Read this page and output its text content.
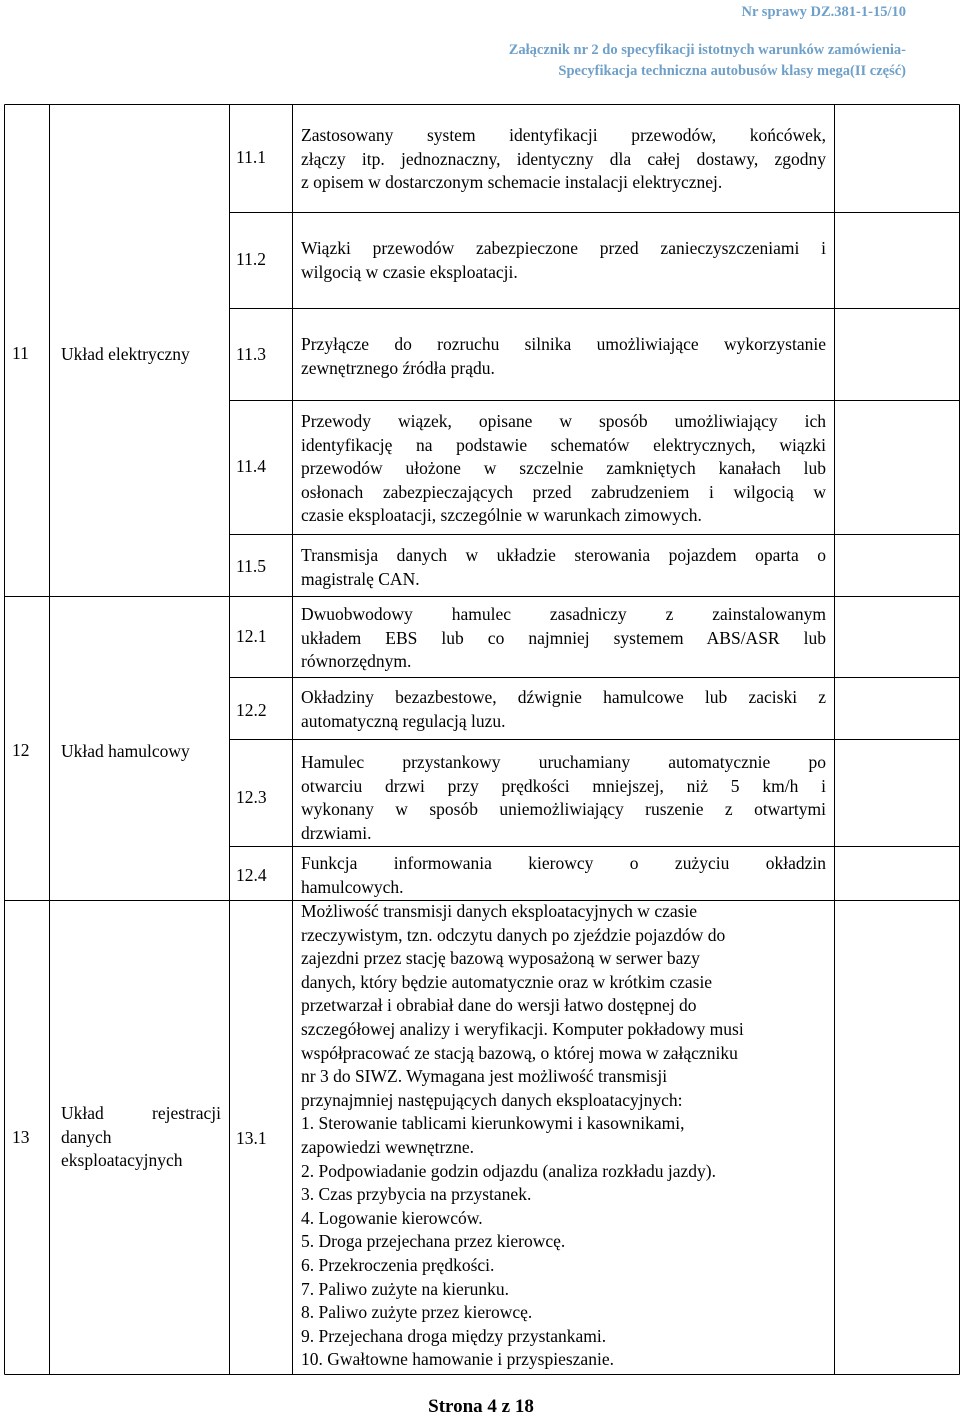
Nr sprawy DZ.381-1-15/10
Załącznik nr 2 do specyfikacji istotnych warunków zamówienia-
Specyfikacja techniczna autobusów klasy mega(II część)
11 Układ elektryczny
12 Układ hamulcowy
13
Układ rejestracji
danych
eksploatacyjnych
11.1
11.2
11.3
11.4
11.5
12.1
12.2
12.3
12.4
13.1
Zastosowany system identyfikacji przewodów, końcówek,
złączy itp. jednoznaczny, identyczny dla całej dostawy, zgodny
z opisem w dostarczonym schemacie instalacji elektrycznej.
Wiązki przewodów zabezpieczone przed zanieczyszczeniami i
wilgocią w czasie eksploatacji.
Przyłącze do rozruchu silnika umożliwiające wykorzystanie
zewnętrznego źródła prądu.
Przewody wiązek, opisane w sposób umożliwiający ich
identyfikację na podstawie schematów elektrycznych, wiązki
przewodów ułożone w szczelnie zamkniętych kanałach lub
osłonach zabezpieczających przed zabrudzeniem i wilgocią w
czasie eksploatacji, szczególnie w warunkach zimowych.
Transmisja danych w układzie sterowania pojazdem oparta o
magistralę CAN.
Dwuobwodowy hamulec zasadniczy z zainstalowanym
układem EBS lub co najmniej systemem ABS/ASR lub
równorzędnym.
Okładziny bezazbestowe, dźwignie hamulcowe lub zaciski z
automatyczną regulacją luzu.
Hamulec przystankowy uruchamiany automatycznie po
otwarciu drzwi przy prędkości mniejszej, niż 5 km/h i
wykonany w sposób uniemożliwiający ruszenie z otwartymi
drzwiami.
Funkcja informowania kierowcy o zużyciu okładzin
hamulcowych.
Możliwość transmisji danych eksploatacyjnych w czasie
rzeczywistym, tzn. odczytu danych po zjeździe pojazdów do
zajezdni przez stację bazową wyposażoną w serwer bazy
danych, który będzie automatycznie oraz w krótkim czasie
przetwarzał i obrabiał dane do wersji łatwo dostępnej do
szczegółowej analizy i weryfikacji. Komputer pokładowy musi
współpracować ze stacją bazową, o której mowa w załączniku
nr 3 do SIWZ. Wymagana jest możliwość transmisji
przynajmniej następujących danych eksploatacyjnych:
1. Sterowanie tablicami kierunkowymi i kasownikami,
zapowiedzi wewnętrzne.
2. Podpowiadanie godzin odjazdu (analiza rozkładu jazdy).
3. Czas przybycia na przystanek.
4. Logowanie kierowców.
5. Droga przejechana przez kierowcę.
6. Przekroczenia prędkości.
7. Paliwo zużyte na kierunku.
8. Paliwo zużyte przez kierowcę.
9. Przejechana droga między przystankami.
10. Gwałtowne hamowanie i przyspieszanie.
Strona 4 z 18
